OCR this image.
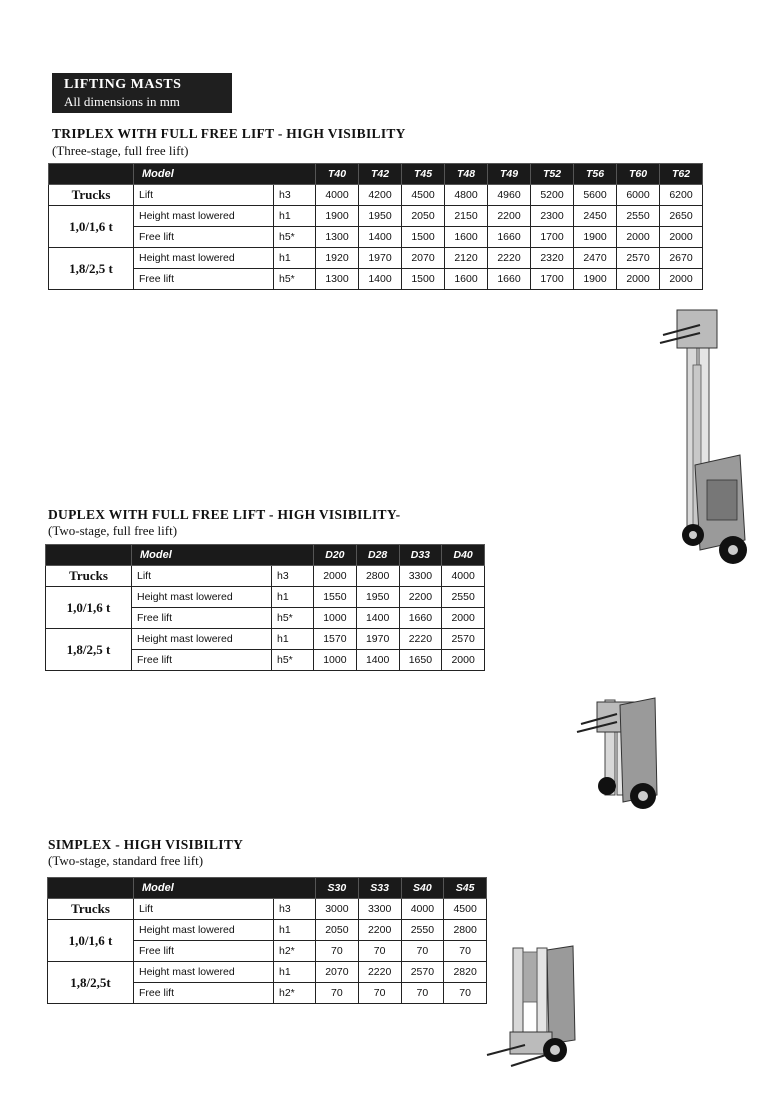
LIFTING MASTS
All dimensions in mm
TRIPLEX WITH FULL FREE LIFT - HIGH VISIBILITY
(Three-stage, full free lift)
	Model		T40	T42	T45	T48	T49	T52	T56	T60	T62
Trucks	Lift	h3	4000	4200	4500	4800	4960	5200	5600	6000	6200
1,0/1,6 t	Height mast lowered	h1	1900	1950	2050	2150	2200	2300	2450	2550	2650
	Free lift	h5*	1300	1400	1500	1600	1660	1700	1900	2000	2000
1,8/2,5 t	Height mast lowered	h1	1920	1970	2070	2120	2220	2320	2470	2570	2670
	Free lift	h5*	1300	1400	1500	1600	1660	1700	1900	2000	2000
DUPLEX WITH FULL FREE LIFT - HIGH VISIBILITY-
(Two-stage, full free lift)
	Model		D20	D28	D33	D40
Trucks	Lift	h3	2000	2800	3300	4000
1,0/1,6 t	Height mast lowered	h1	1550	1950	2200	2550
	Free lift	h5*	1000	1400	1660	2000
1,8/2,5 t	Height mast lowered	h1	1570	1970	2220	2570
	Free lift	h5*	1000	1400	1650	2000
SIMPLEX - HIGH VISIBILITY
(Two-stage, standard free lift)
	Model		S30	S33	S40	S45
Trucks	Lift	h3	3000	3300	4000	4500
1,0/1,6 t	Height mast lowered	h1	2050	2200	2550	2800
	Free lift	h2*	70	70	70	70
1,8/2,5t	Height mast lowered	h1	2070	2220	2570	2820
	Free lift	h2*	70	70	70	70
